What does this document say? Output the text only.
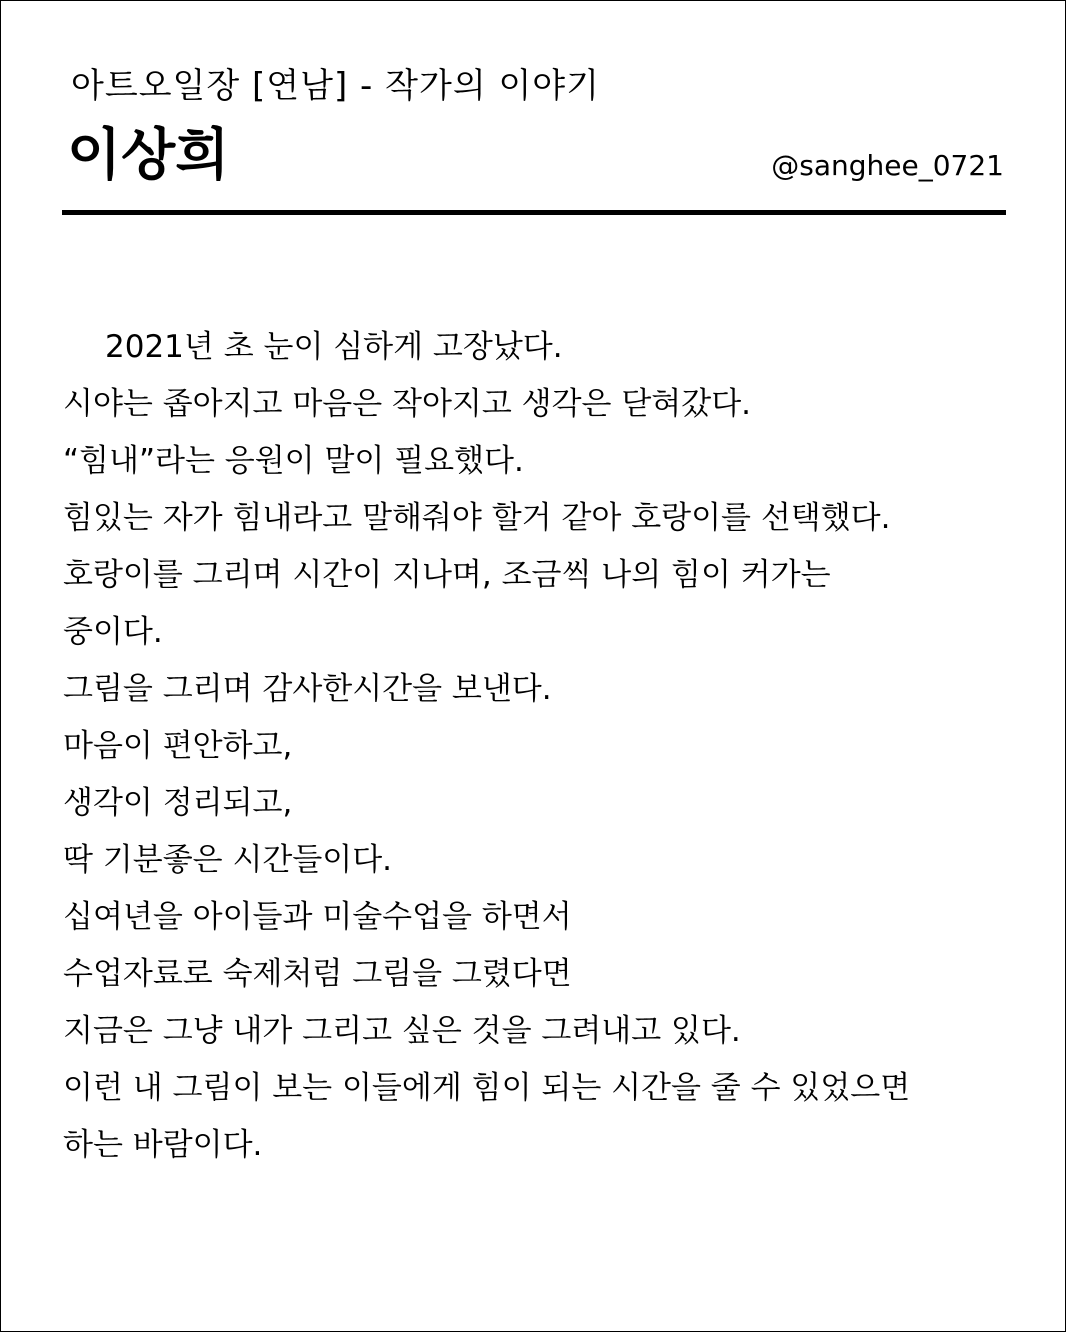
아트오일장 [연남] - 작가의 이야기
이상희	@sanghee_0721
2021년 초 눈이 심하게 고장났다.
시야는 좁아지고 마음은 작아지고 생각은 닫혀갔다.
“힘내”라는 응원이 말이 필요했다.
힘있는 자가 힘내라고 말해줘야 할거 같아 호랑이를 선택했다.
호랑이를 그리며 시간이 지나며, 조금씩 나의 힘이 커가는
중이다.
그림을 그리며 감사한시간을 보낸다.
마음이 편안하고,
생각이 정리되고,
딱 기분좋은 시간들이다.
십여년을 아이들과 미술수업을 하면서
수업자료로 숙제처럼 그림을 그렸다면
지금은 그냥 내가 그리고 싶은 것을 그려내고 있다.
이런 내 그림이 보는 이들에게 힘이 되는 시간을 줄 수 있었으면
하는 바람이다.
